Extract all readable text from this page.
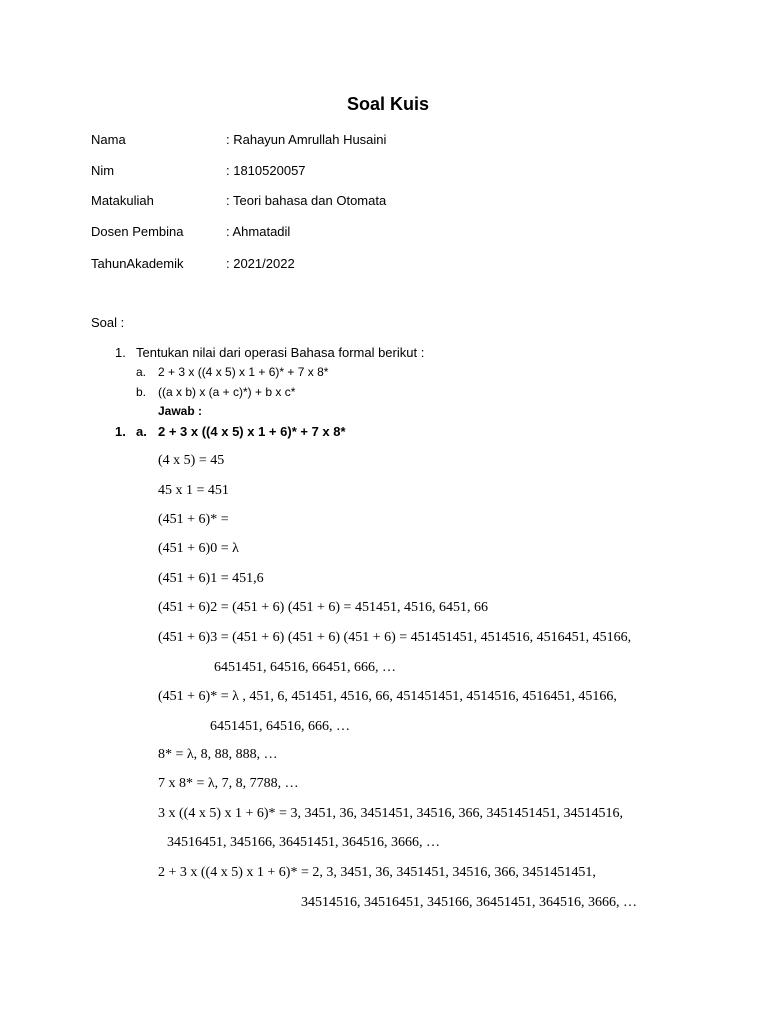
Soal Kuis
Nama	: Rahayun Amrullah Husaini
Nim	: 1810520057
Matakuliah	: Teori bahasa dan Otomata
Dosen Pembina	: Ahmatadil
TahunAkademik	: 2021/2022
Soal :
1. Tentukan nilai dari operasi Bahasa formal berikut :
a. 2 + 3 x ((4 x 5) x 1 + 6)* + 7 x 8*
b. ((a x b) x (a + c)*) + b x c*
Jawab :
1. a. 2 + 3 x ((4 x 5) x 1 + 6)* + 7 x 8*
(4 x 5) = 45
45 x 1 = 451
(451 + 6)* =
(451 + 6)0 = λ
(451 + 6)1 = 451,6
(451 + 6)2 = (451 + 6) (451 + 6) = 451451, 4516, 6451, 66
(451 + 6)3 = (451 + 6) (451 + 6) (451 + 6) = 451451451, 4514516, 4516451, 45166,
6451451, 64516, 66451, 666, …
(451 + 6)* = λ , 451, 6, 451451, 4516, 66, 451451451, 4514516, 4516451, 45166,
6451451, 64516, 666, …
8* = λ, 8, 88, 888, …
7 x 8* = λ, 7, 8, 7788, …
3 x ((4 x 5) x 1 + 6)* = 3, 3451, 36, 3451451, 34516, 366, 3451451451, 34514516,
34516451, 345166, 36451451, 364516, 3666, …
2 + 3 x ((4 x 5) x 1 + 6)* = 2, 3, 3451, 36, 3451451, 34516, 366, 3451451451,
34514516, 34516451, 345166, 36451451, 364516, 3666, …
